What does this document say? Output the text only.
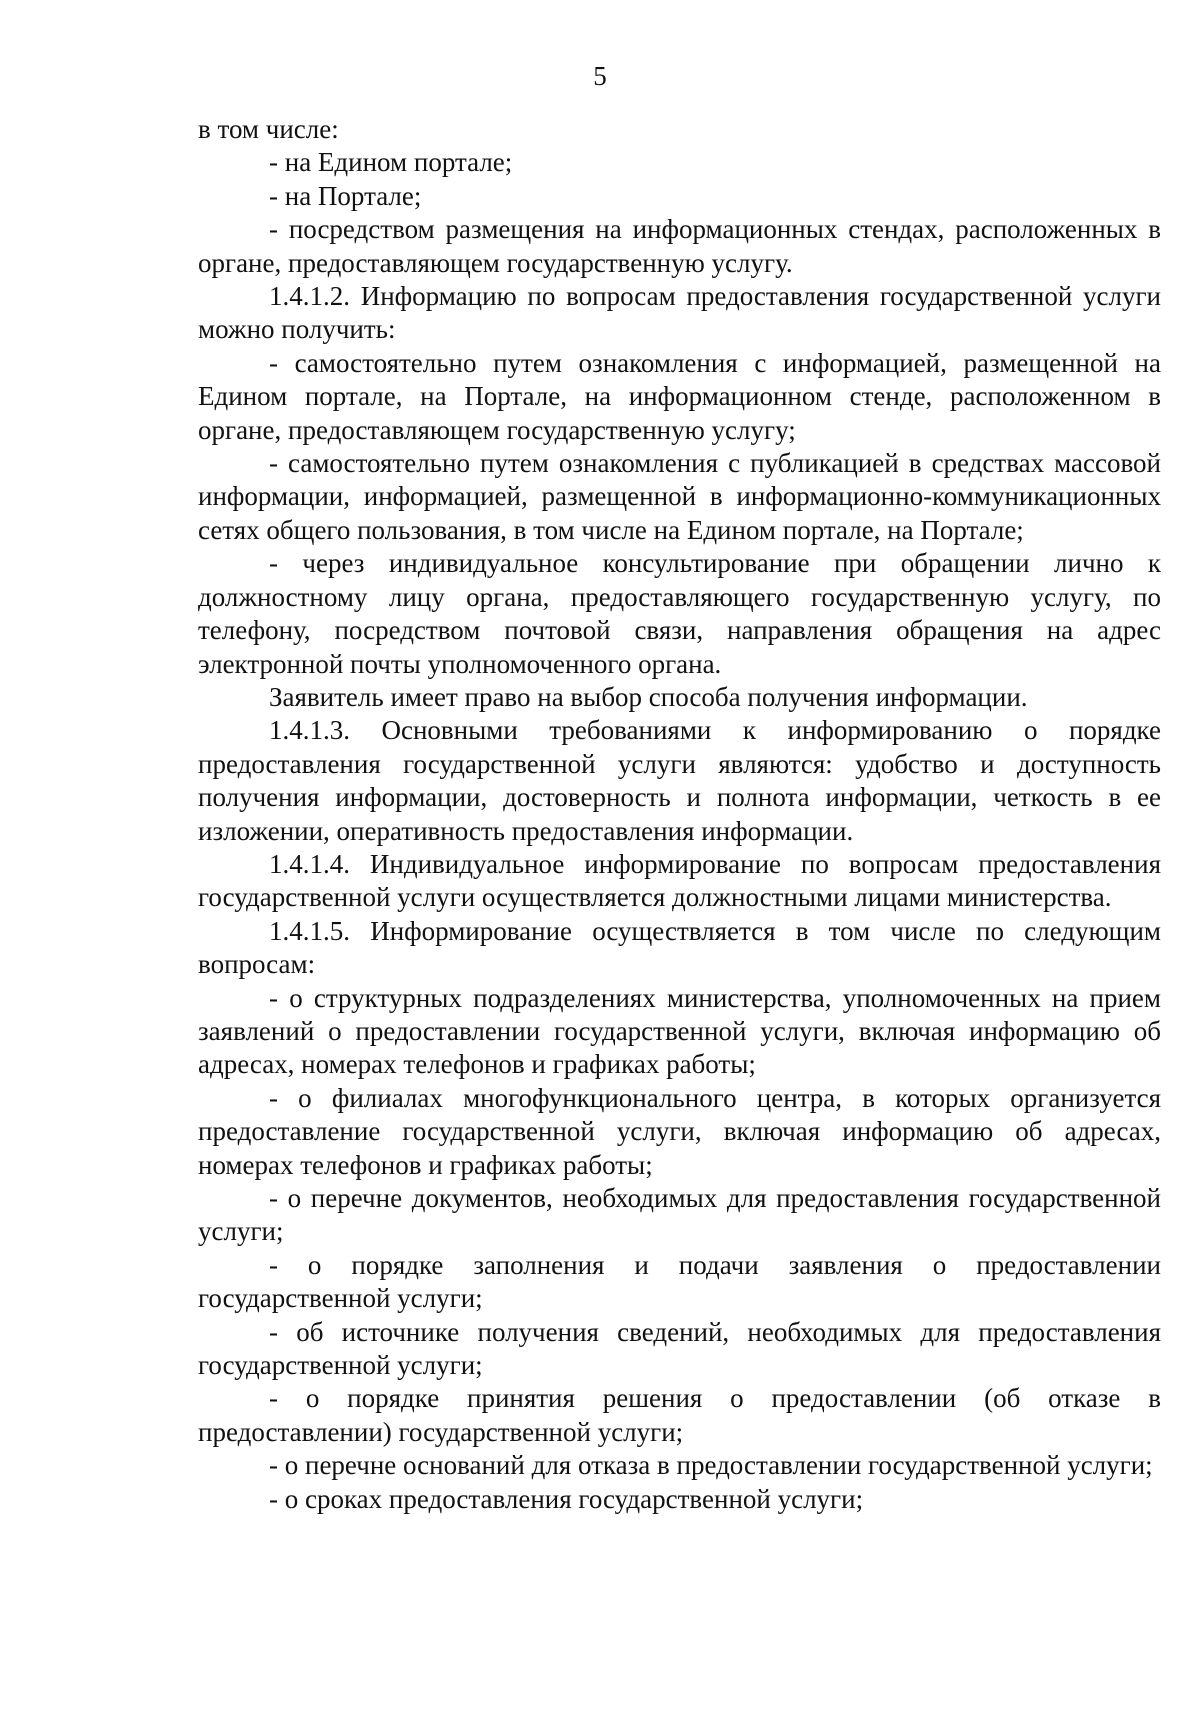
5

в том числе:

- на Едином портале;

- на Портале;

- посредством размещения на информационных стендах, расположенных в органе, предоставляющем государственную услугу.

1.4.1.2. Информацию по вопросам предоставления государственной услуги можно получить:

- самостоятельно путем ознакомления с информацией, размещенной на Едином портале, на Портале, на информационном стенде, расположенном в органе, предоставляющем государственную услугу;

- самостоятельно путем ознакомления с публикацией в средствах массовой информации, информацией, размещенной в информационно-коммуникационных сетях общего пользования, в том числе на Едином портале, на Портале;

- через индивидуальное консультирование при обращении лично к должностному лицу органа, предоставляющего государственную услугу, по телефону, посредством почтовой связи, направления обращения на адрес электронной почты уполномоченного органа.

Заявитель имеет право на выбор способа получения информации.

1.4.1.3. Основными требованиями к информированию о порядке предоставления государственной услуги являются: удобство и доступность получения информации, достоверность и полнота информации, четкость в ее изложении, оперативность предоставления информации.

1.4.1.4. Индивидуальное информирование по вопросам предоставления государственной услуги осуществляется должностными лицами министерства.

1.4.1.5. Информирование осуществляется в том числе по следующим вопросам:

- о структурных подразделениях министерства, уполномоченных на прием заявлений о предоставлении государственной услуги, включая информацию об адресах, номерах телефонов и графиках работы;

- о филиалах многофункционального центра, в которых организуется предоставление государственной услуги, включая информацию об адресах, номерах телефонов и графиках работы;

- о перечне документов, необходимых для предоставления государственной услуги;

- о порядке заполнения и подачи заявления о предоставлении государственной услуги;

- об источнике получения сведений, необходимых для предоставления государственной услуги;

- о порядке принятия решения о предоставлении (об отказе в предоставлении) государственной услуги;

- о перечне оснований для отказа в предоставлении государственной услуги;

- о сроках предоставления государственной услуги;
